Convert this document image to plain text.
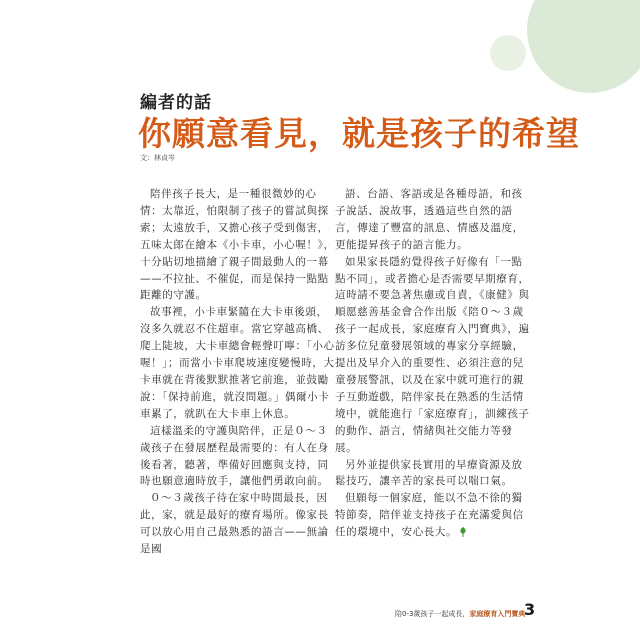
編者的話
你願意看見，就是孩子的希望
文：林貞岑

陪伴孩子長大，是一種很微妙的心情：太靠近，怕限制了孩子的嘗試與探索；太遠放手，又擔心孩子受到傷害，五味太郎在繪本《小卡車，小心喔！》，十分貼切地描繪了親子間最動人的一幕——不拉扯、不催促，而是保持一點點距離的守護。

故事裡，小卡車緊隨在大卡車後頭，沒多久就忍不住超車。當它穿越高橋、爬上陡坡，大卡車總會輕聲叮嚀：「小心喔！」；而當小卡車爬坡速度變慢時，大卡車就在背後默默推著它前進，並鼓勵說：「保持前進，就沒問題。」偶爾小卡車累了，就趴在大卡車上休息。

這樣溫柔的守護與陪伴，正是０～３歲孩子在發展歷程最需要的：有人在身後看著，聽著，準備好回應與支持，同時也願意適時放手，讓他們勇敢向前。

０～３歲孩子待在家中時間最長，因此，家，就是最好的療育場所。像家長可以放心用自己最熟悉的語言——無論是國

語、台語、客語或是各種母語，和孩子說話、說故事，透過這些自然的語言，傳達了豐富的訊息、情感及溫度，更能提昇孩子的語言能力。

如果家長隱約覺得孩子好像有「一點點不同」，或者擔心是否需要早期療育，這時請不要急著焦慮或自責，《康健》與順愿慈善基金會合作出版《陪０～３歲孩子一起成長，家庭療育入門寶典》，遍訪多位兒童發展領域的專家分享經驗，提出及早介入的重要性、必須注意的兒童發展警訊，以及在家中就可進行的親子互動遊戲，陪伴家長在熟悉的生活情境中，就能進行「家庭療育」，訓練孩子的動作、語言，情緒與社交能力等發展。

另外並提供家長實用的早療資源及放鬆技巧，讓辛苦的家長可以喘口氣。

但願每一個家庭，能以不急不徐的獨特節奏，陪伴並支持孩子在充滿愛與信任的環境中，安心長大。

陪0-3歲孩子一起成長，家庭療育入門寶典
3
